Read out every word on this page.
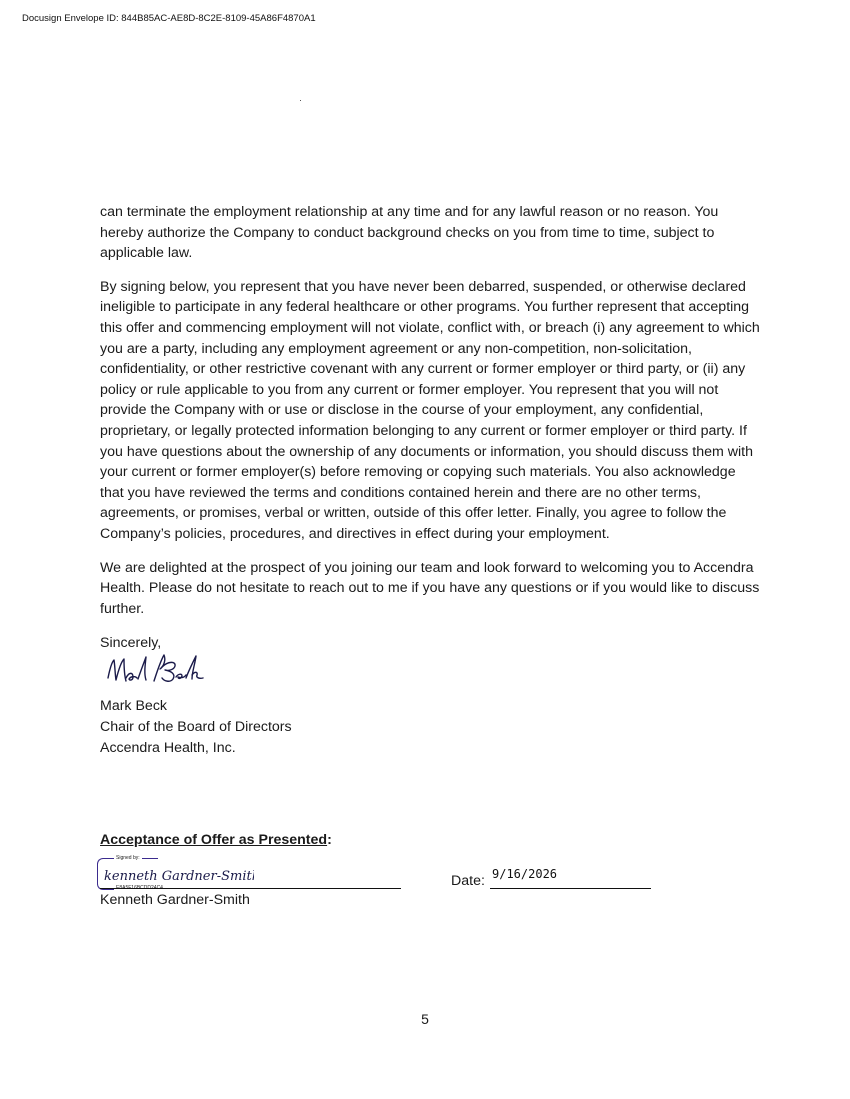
Docusign Envelope ID: 844B85AC-AE8D-8C2E-8109-45A86F4870A1

can terminate the employment relationship at any time and for any lawful reason or no reason. You hereby authorize the Company to conduct background checks on you from time to time, subject to applicable law.

By signing below, you represent that you have never been debarred, suspended, or otherwise declared ineligible to participate in any federal healthcare or other programs. You further represent that accepting this offer and commencing employment will not violate, conflict with, or breach (i) any agreement to which you are a party, including any employment agreement or any non-competition, non-solicitation, confidentiality, or other restrictive covenant with any current or former employer or third party, or (ii) any policy or rule applicable to you from any current or former employer. You represent that you will not provide the Company with or use or disclose in the course of your employment, any confidential, proprietary, or legally protected information belonging to any current or former employer or third party. If you have questions about the ownership of any documents or information, you should discuss them with your current or former employer(s) before removing or copying such materials. You also acknowledge that you have reviewed the terms and conditions contained herein and there are no other terms, agreements, or promises, verbal or written, outside of this offer letter. Finally, you agree to follow the Company’s policies, procedures, and directives in effect during your employment.

We are delighted at the prospect of you joining our team and look forward to welcoming you to Accendra Health. Please do not hesitate to reach out to me if you have any questions or if you would like to discuss further.

Sincerely,
Mark Beck
Chair of the Board of Directors
Accendra Health, Inc.
Acceptance of Offer as Presented:
Signed by:
kenneth Gardner-Smith	Date: 9/16/2026
Kenneth Gardner-Smith
5
